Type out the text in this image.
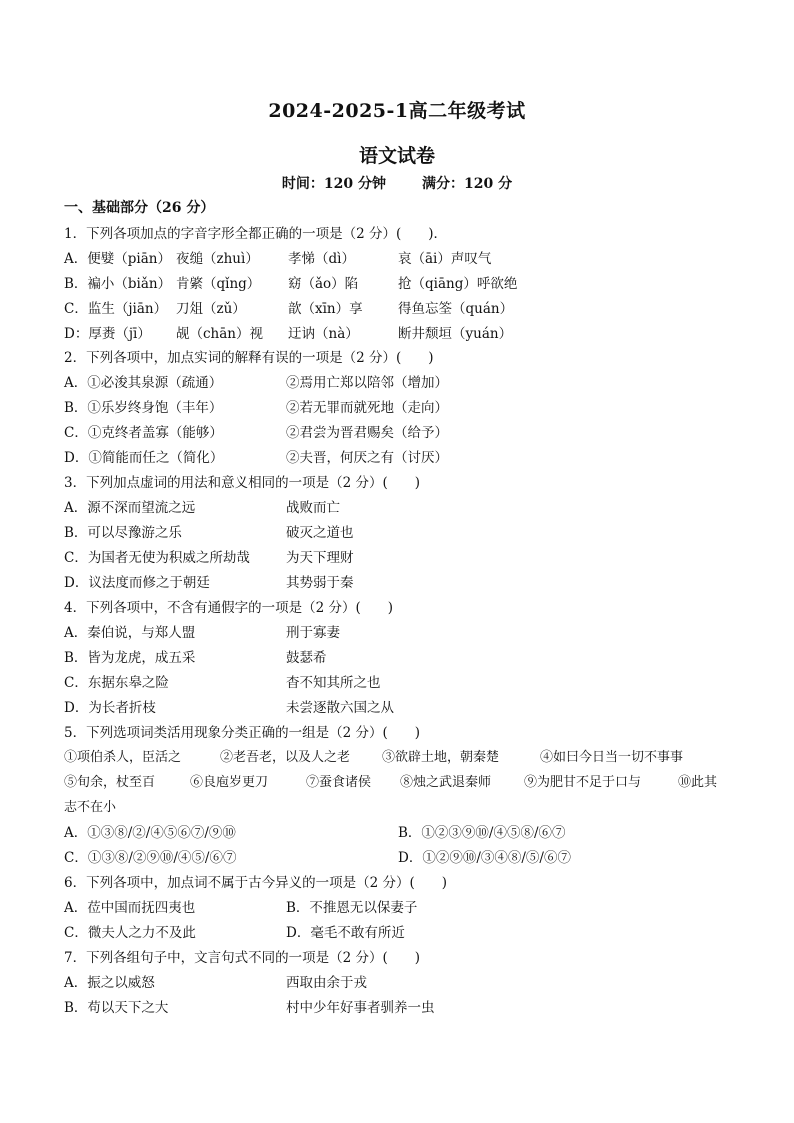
2024-2025-1高二年级考试
语文试卷
时间：120 分钟	满分：120 分
一、基础部分（26 分）
1．下列各项加点的字音字形全都正确的一项是（2 分）(　　)．
A．便嬖（piān） 夜缒（zhuì） 孝悌（dì）	哀（āi）声叹气
B．褊小（biǎn） 肯綮（qǐng） 窈（ǎo）陷	抢（qiāng）呼欲绝
C．监生（jiān） 刀俎（zǔ）	歆（xīn）享	得鱼忘筌（quán）
D：厚赉（jī） 觇（chān）视 迂讷（nà）	断井颓垣（yuán）
2．下列各项中，加点实词的解释有误的一项是（2 分）(　　)
A．①必浚其泉源（疏通）	②焉用亡郑以陪邻（增加）
B．①乐岁终身饱（丰年）	②若无罪而就死地（走向）
C．①克终者盖寡（能够）	②君尝为晋君赐矣（给予）
D．①简能而任之（简化）	②夫晋，何厌之有（讨厌）
3．下列加点虚词的用法和意义相同的一项是（2 分）(　　)
A．源不深而望流之远	战败而亡
B．可以尽豫游之乐	破灭之道也
C．为国者无使为积威之所劫哉	为天下理财
D．议法度而修之于朝廷	其势弱于秦
4．下列各项中，不含有通假字的一项是（2 分）(　　)
A．秦伯说，与郑人盟	刑于寡妻
B．皆为龙虎，成五采	鼓瑟希
C．东据东皋之险	杳不知其所之也
D．为长者折枝	未尝逐散六国之从
5．下列选项词类活用现象分类正确的一组是（2 分）(　　)
①项伯杀人，臣活之	②老吾老，以及人之老 ③欲辟土地，朝秦楚	④如曰今日当一切不事事
⑤旬余，杖至百	⑥良庖岁更刀	⑦蚕食诸侯 ⑧烛之武退秦师	⑨为肥甘不足于口与	⑩此其
志不在小
A．①③⑧/②/④⑤⑥⑦/⑨⑩	B．①②③⑨⑩/④⑤⑧/⑥⑦
C．①③⑧/②⑨⑩/④⑤/⑥⑦	D．①②⑨⑩/③④⑧/⑤/⑥⑦
6．下列各项中，加点词不属于古今异义的一项是（2 分）(　　)
A．莅中国而抚四夷也	B．不推恩无以保妻子
C．微夫人之力不及此	D．毫毛不敢有所近
7．下列各组句子中，文言句式不同的一项是（2 分）(　　)
A．振之以威怒	西取由余于戎
B．苟以天下之大	村中少年好事者驯养一虫
